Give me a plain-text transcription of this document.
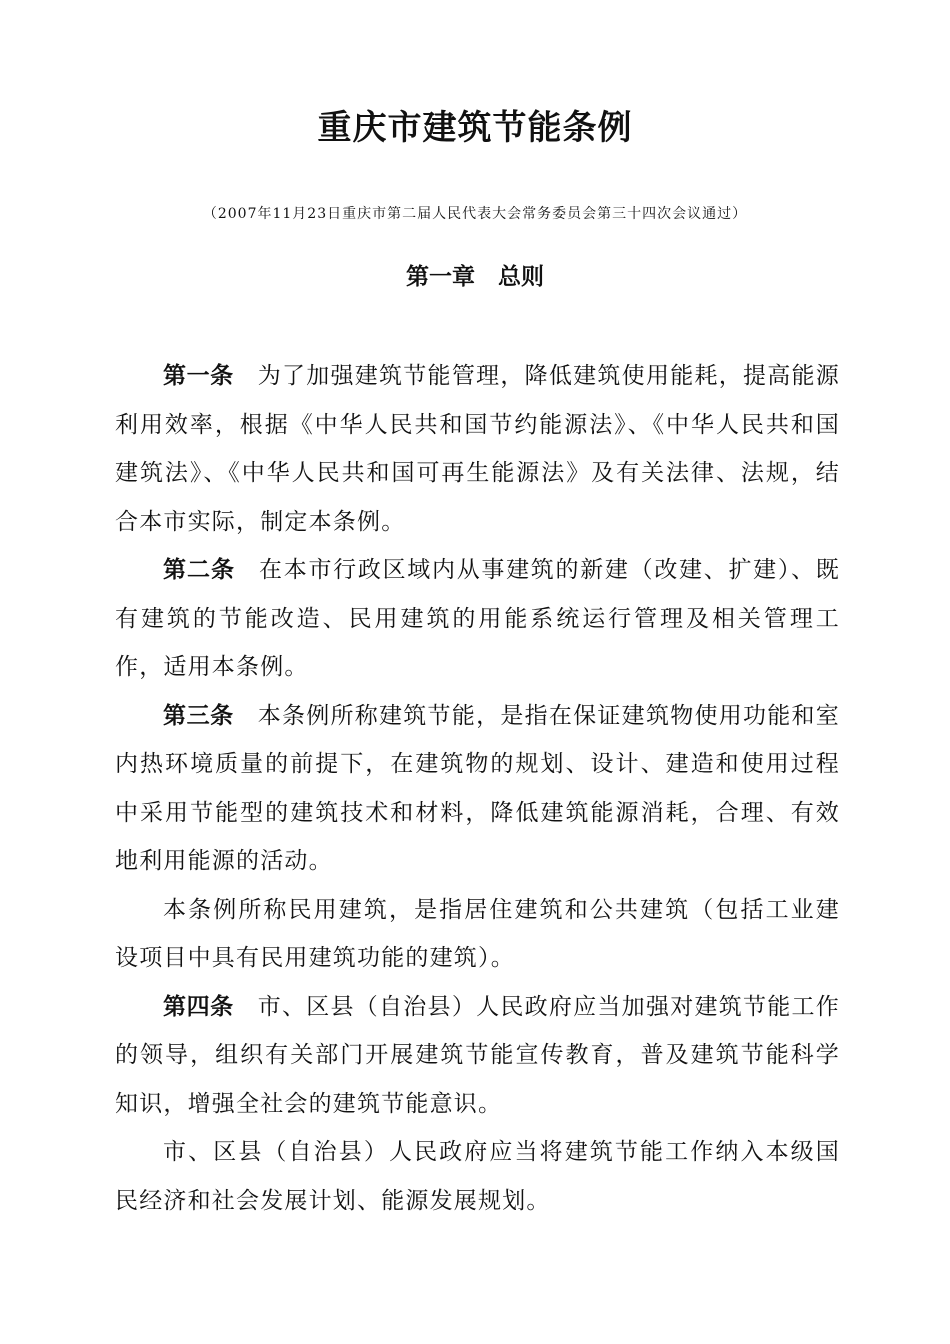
重庆市建筑节能条例

（2007年11月23日重庆市第二届人民代表大会常务委员会第三十四次会议通过）

第一章　总则

第一条 为了加强建筑节能管理，降低建筑使用能耗，提高能源利用效率，根据《中华人民共和国节约能源法》、《中华人民共和国建筑法》、《中华人民共和国可再生能源法》及有关法律、法规，结合本市实际，制定本条例。

第二条 在本市行政区域内从事建筑的新建（改建、扩建）、既有建筑的节能改造、民用建筑的用能系统运行管理及相关管理工作，适用本条例。

第三条 本条例所称建筑节能，是指在保证建筑物使用功能和室内热环境质量的前提下，在建筑物的规划、设计、建造和使用过程中采用节能型的建筑技术和材料，降低建筑能源消耗，合理、有效地利用能源的活动。

本条例所称民用建筑，是指居住建筑和公共建筑（包括工业建设项目中具有民用建筑功能的建筑）。

第四条 市、区县（自治县）人民政府应当加强对建筑节能工作的领导，组织有关部门开展建筑节能宣传教育，普及建筑节能科学知识，增强全社会的建筑节能意识。

市、区县（自治县）人民政府应当将建筑节能工作纳入本级国民经济和社会发展计划、能源发展规划。
